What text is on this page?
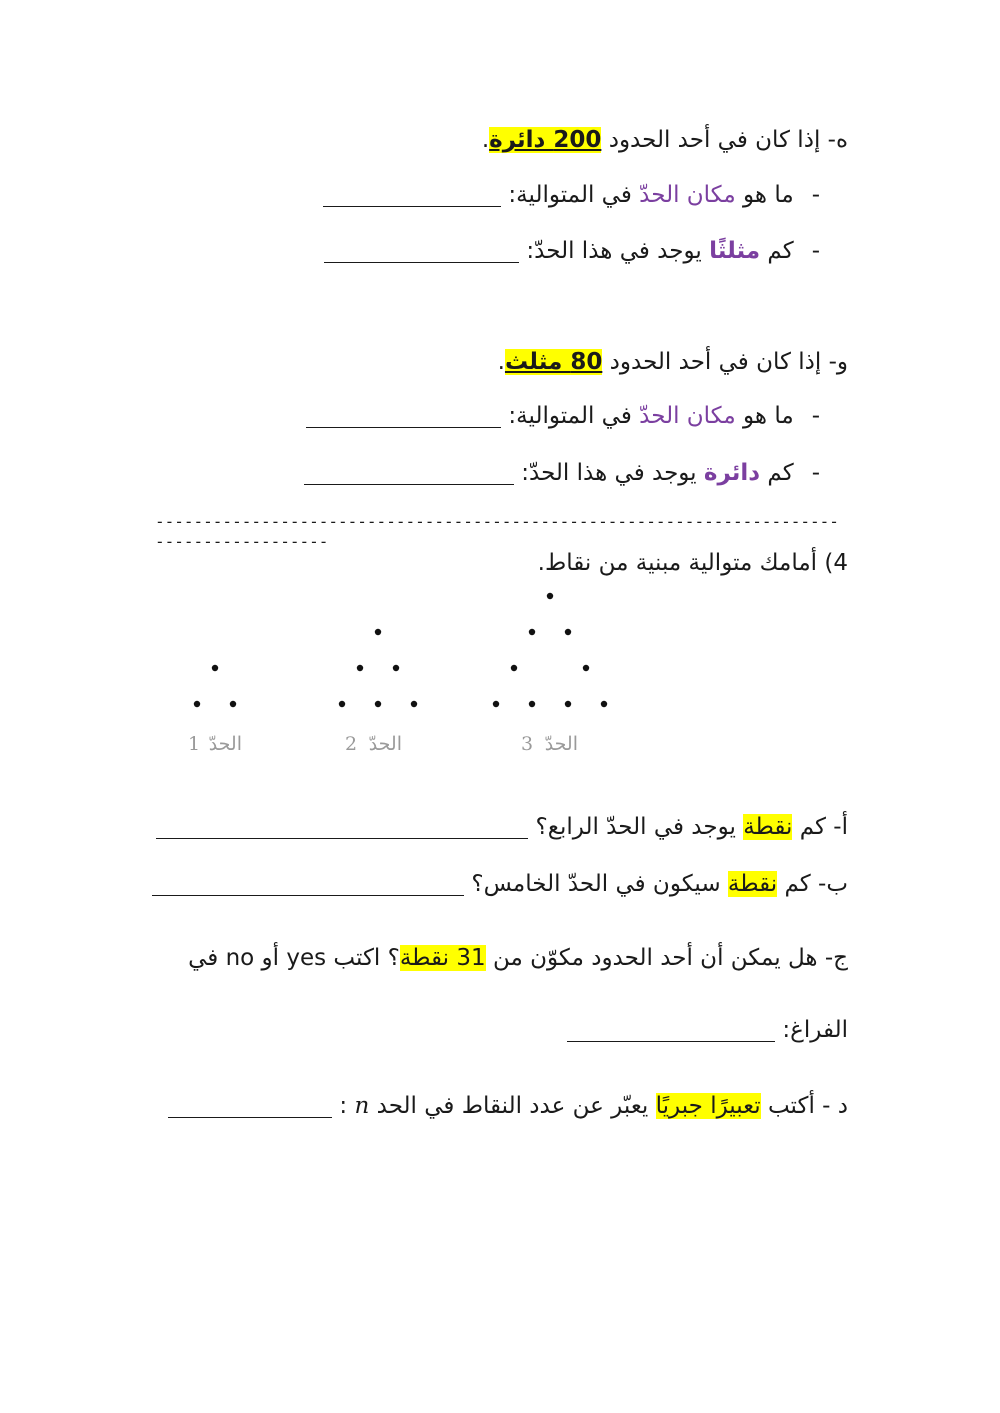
ه- إذا كان في أحد الحدود 200 دائرة.
-ما هو مكان الحدّ في المتوالية:
-كم مثلثًا يوجد في هذا الحدّ:
و- إذا كان في أحد الحدود 80 مثلث.
-ما هو مكان الحدّ في المتوالية:
-كم دائرة يوجد في هذا الحدّ:
-----------------------------------------------------------------------------------------
4) أمامك متوالية مبنية من نقاط.
الحدّ
1	الحدّ
2	الحدّ
3
أ- كم نقطة يوجد في الحدّ الرابع؟
ب- كم نقطة سيكون في الحدّ الخامس؟
ج- هل يمكن أن أحد الحدود مكوّن من 31 نقطة؟ اكتب yes أو no في
الفراغ:
د - أكتب تعبيرًا جبريًا يعبّر عن عدد النقاط في الحد n :
